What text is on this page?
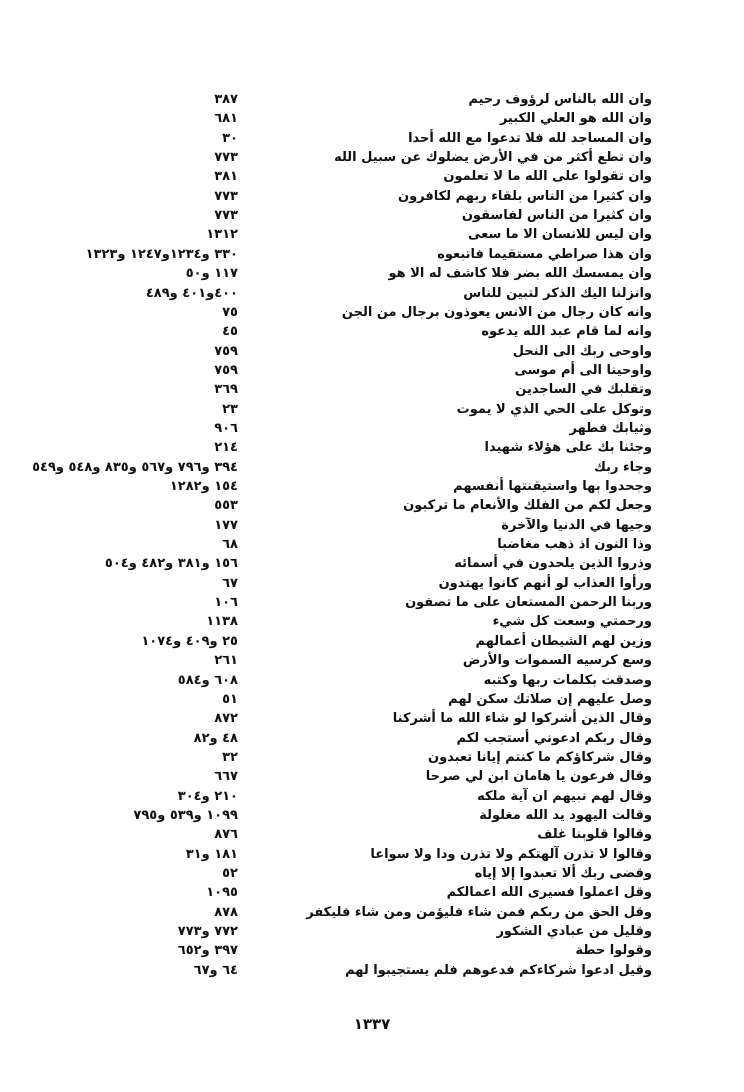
وان الله بالناس لرؤوف رحيم
٣٨٧
وان الله هو العلي الكبير
٦٨١
وان المساجد لله فلا تدعوا مع الله أحدا
٣٠
وان تطع أكثر من في الأرض يضلوك عن سبيل الله
٧٧٣
وان تقولوا على الله ما لا تعلمون
٣٨١
وان كثيرا من الناس بلقاء ربهم لكافرون
٧٧٣
وان كثيرا من الناس لفاسقون
٧٧٣
وان ليس للانسان الا ما سعى
١٣١٢
وان هذا صراطي مستقيما فاتبعوه
٣٣٠ و١٢٣٤و١٢٤٧ و١٣٢٣
وان يمسسك الله بضر فلا كاشف له الا هو
١١٧ و٥٠
وانزلنا اليك الذكر لتبين للناس
٤٠٠و٤٠١ و٤٨٩
وانه كان رجال من الانس يعوذون برجال من الجن
٧٥
وانه لما قام عبد الله يدعوه
٤٥
واوحى ربك الى النحل
٧٥٩
واوحينا الى أم موسى
٧٥٩
وتقلبك في الساجدين
٣٦٩
وتوكل على الحي الذي لا يموت
٢٣
وثيابك فطهر
٩٠٦
وجئنا بك على هؤلاء شهيدا
٢١٤
وجاء ربك
٣٩٤ و٧٩٦ و٥٦٧ و٨٣٥ و٥٤٨ و٥٤٩
وجحدوا بها واستيقنتها أنفسهم
١٥٤ و١٢٨٢
وجعل لكم من الفلك والأنعام ما تركبون
٥٥٣
وجيها في الدنيا والآخرة
١٧٧
وذا النون اذ ذهب مغاضبا
٦٨
وذروا الذين يلحدون في أسمائه
١٥٦ و٣٨١ و٤٨٢ و٥٠٤
ورأوا العذاب لو أنهم كانوا يهتدون
٦٧
وربنا الرحمن المستعان على ما تصفون
١٠٦
ورحمتي وسعت كل شيء
١١٣٨
وزين لهم الشيطان أعمالهم
٢٥ و٤٠٩ و١٠٧٤
وسع كرسيه السموات والأرض
٢٦١
وصدقت بكلمات ربها وكتبه
٦٠٨ و٥٨٤
وصل عليهم إن صلاتك سكن لهم
٥١
وقال الذين أشركوا لو شاء الله ما أشركنا
٨٧٢
وقال ربكم ادعوني أستجب لكم
٤٨ و٨٢
وقال شركاؤكم ما كنتم إيانا تعبدون
٣٢
وقال فرعون يا هامان ابن لي صرحا
٦٦٧
وقال لهم نبيهم ان آية ملكه
٢١٠ و٣٠٤
وقالت اليهود يد الله مغلولة
١٠٩٩ و٥٣٩ و٧٩٥
وقالوا قلوبنا غلف
٨٧٦
وقالوا لا تذرن آلهتكم ولا تذرن ودا ولا سواعا
١٨١ و٣١
وقضى ربك ألا تعبدوا إلا إياه
٥٢
وقل اعملوا فسيرى الله اعمالكم
١٠٩٥
وقل الحق من ربكم فمن شاء فليؤمن ومن شاء فليكفر
٨٧٨
وقليل من عبادي الشكور
٧٧٢ و٧٧٣
وقولوا حطة
٣٩٧ و٦٥٢
وقيل ادعوا شركاءكم فدعوهم فلم يستجيبوا لهم
٦٤ و٦٧
١٣٣٧
